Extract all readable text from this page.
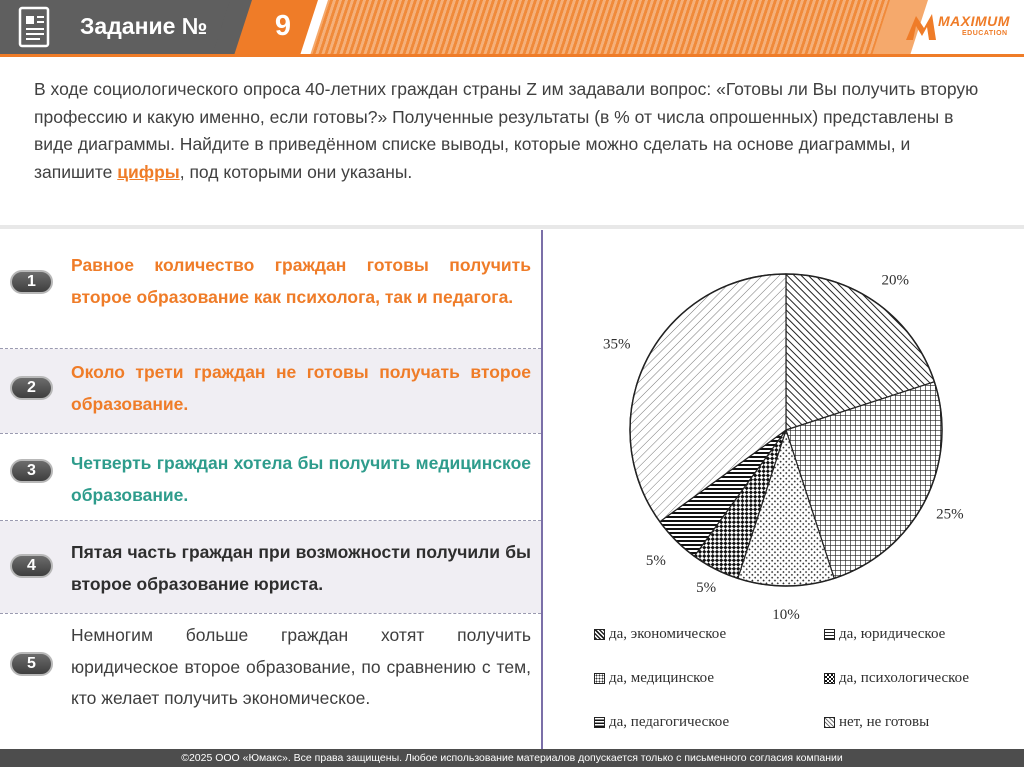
Задание №	9	MAXIMUM
EDUCATION
В ходе социологического опроса 40-летних граждан страны Z им задавали вопрос: «Готовы ли Вы получить вторую профессию и какую именно, если готовы?» Полученные результаты (в % от числа опрошенных) представлены в виде диаграммы. Найдите в приведённом списке выводы, которые можно сделать на основе диаграммы, и запишите цифры, под которыми они указаны.
1
Равное количество граждан готовы получить второе образование как психолога, так и педагога.
2
Около трети граждан не готовы получать второе образование.
3	Четверть граждан хотела бы получить медицинское образование.
4
Пятая часть граждан при возможности получили бы второе образование юриста.
5
Немногим больше граждан хотят получить юридическое второе образование, по сравнению с тем, кто желает получить экономическое.
20%
25%
10%
5%
5%
35%
да, экономическое	да, юридическое
да, медицинское	да, психологическое
да, педагогическое	нет, не готовы
©2025 ООО «Юмакс». Все права защищены. Любое использование материалов допускается только с письменного согласия компании
